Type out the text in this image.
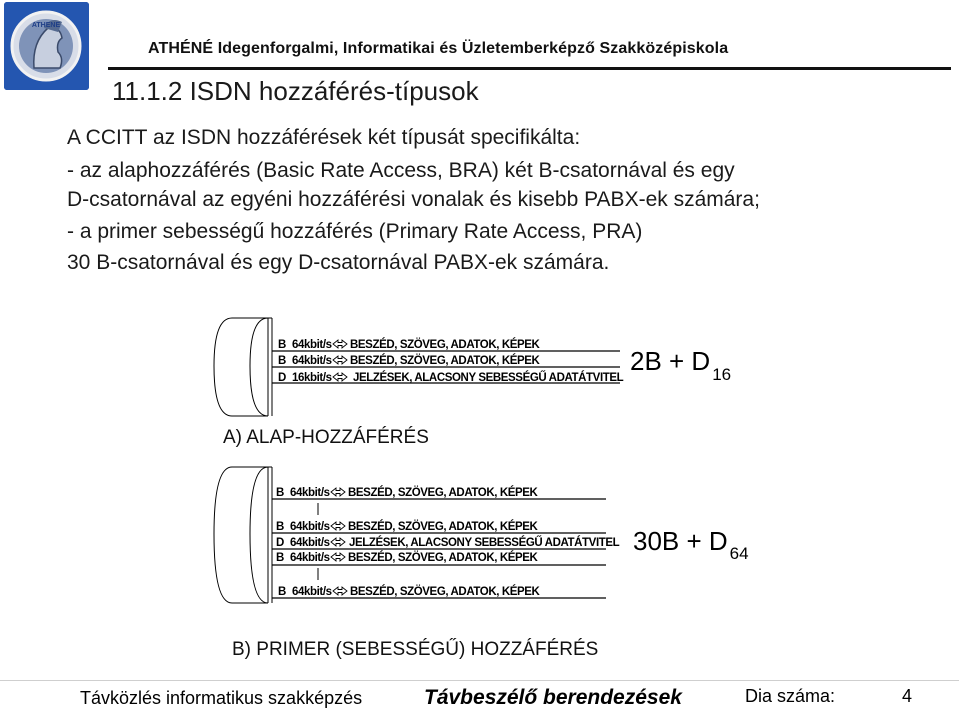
ATHENE
ATHÉNÉ Idegenforgalmi, Informatikai és Üzletemberképző Szakközépiskola
11.1.2 ISDN hozzáférés-típusok
A CCITT az ISDN hozzáférések két típusát specifikálta:
- az alaphozzáférés (Basic Rate Access, BRA) két B-csatornával és egy
D-csatornával az egyéni hozzáférési vonalak és kisebb PABX-ek számára;
- a primer sebességű hozzáférés (Primary Rate Access, PRA)
30 B-csatornával és egy D-csatornával PABX-ek számára.
B 64kbit/s BESZÉD, SZÖVEG, ADATOK, KÉPEK
B 64kbit/s BESZÉD, SZÖVEG, ADATOK, KÉPEK
D 16kbit/s JELZÉSEK, ALACSONY SEBESSÉGŰ ADATÁTVITEL
2B + D $_{16}$
B 64kbit/s BESZÉD, SZÖVEG, ADATOK, KÉPEK
B 64kbit/s BESZÉD, SZÖVEG, ADATOK, KÉPEK
D 64kbit/s JELZÉSEK, ALACSONY SEBESSÉGŰ ADATÁTVITEL
B 64kbit/s BESZÉD, SZÖVEG, ADATOK, KÉPEK
B 64kbit/s BESZÉD, SZÖVEG, ADATOK, KÉPEK
30B + D $_{64}$
A) ALAP-HOZZÁFÉRÉS
B) PRIMER (SEBESSÉGŰ) HOZZÁFÉRÉS
Távközlés informatikus szakképzés	Távbeszélő berendezések	Dia száma:	4
